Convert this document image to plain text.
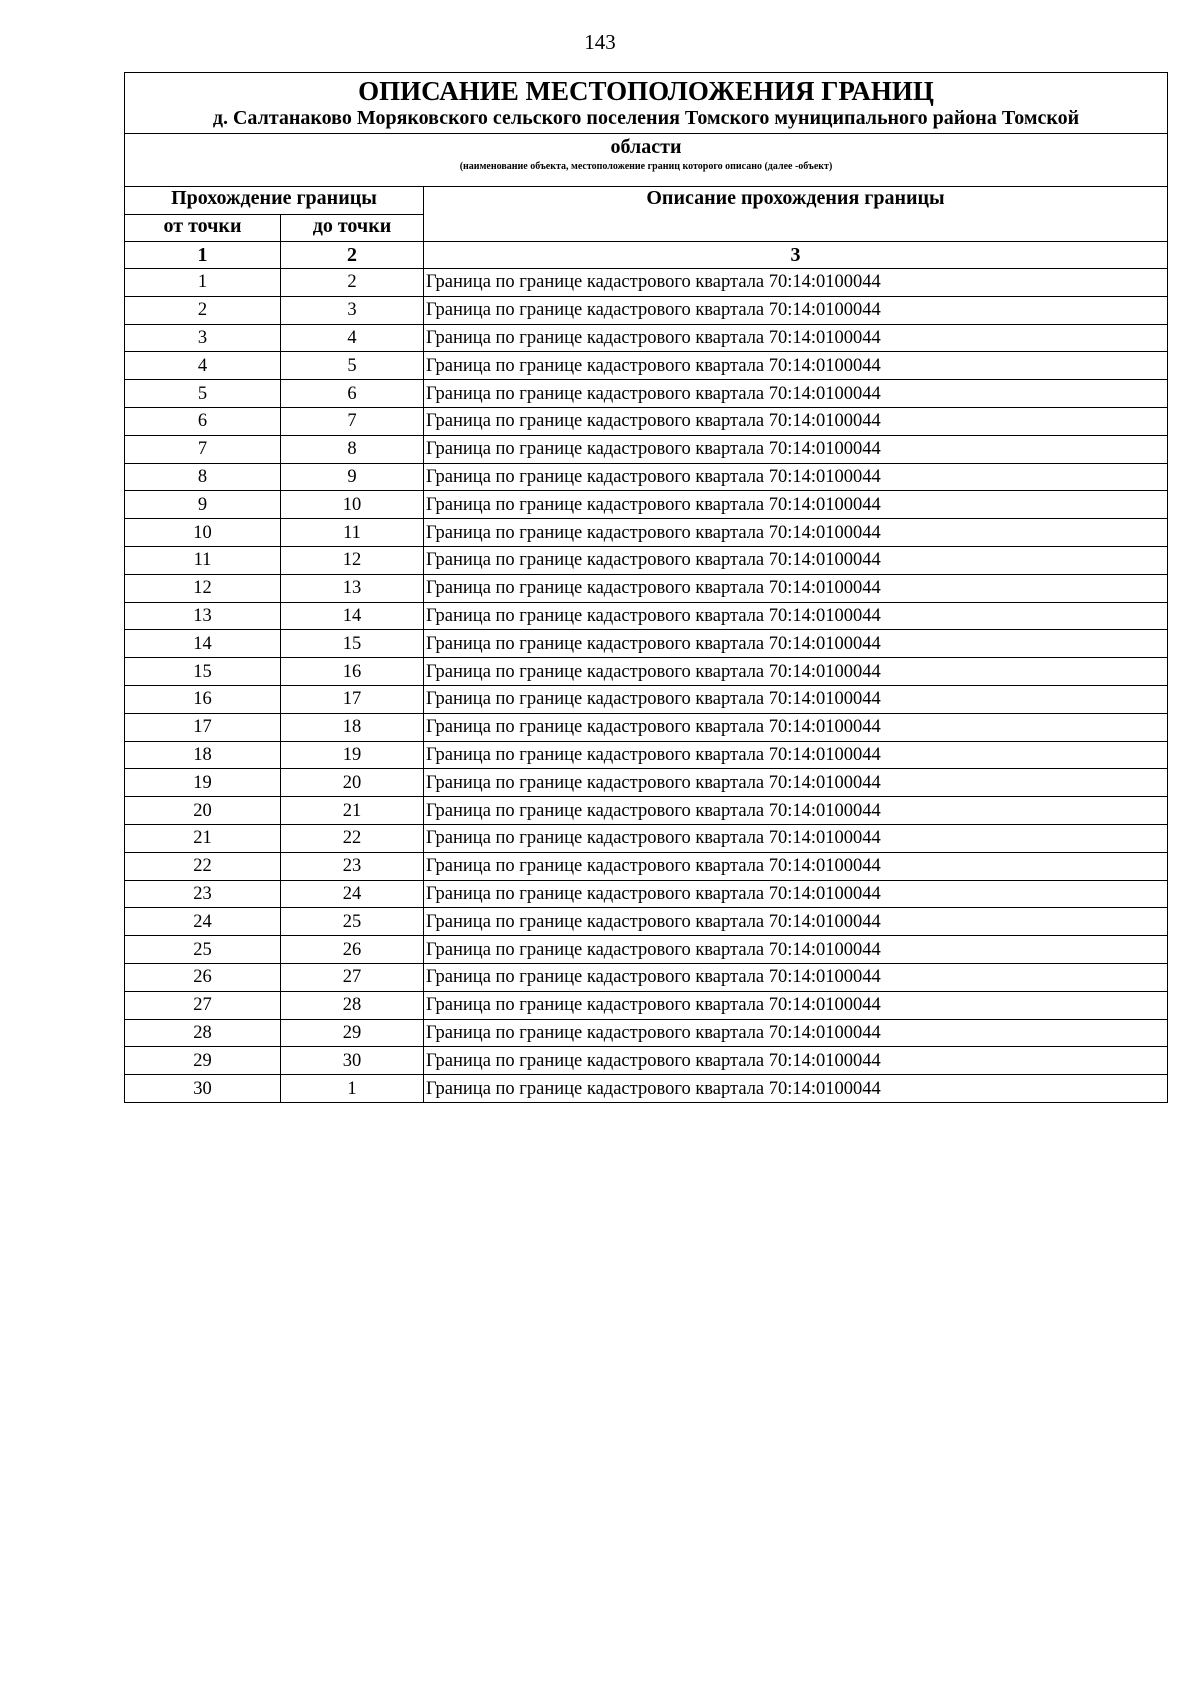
143
ОПИСАНИЕ МЕСТОПОЛОЖЕНИЯ ГРАНИЦ
д. Салтанаково Моряковского сельского поселения Томского муниципального района Томской		

области
(наименование объекта, местоположение границ которого описано (далее -объект)		

Прохождение границы		Описание прохождения границы
от точки	до точки	
1	2	3
1	2	Граница по границе кадастрового квартала 70:14:0100044
2	3	Граница по границе кадастрового квартала 70:14:0100044
3	4	Граница по границе кадастрового квартала 70:14:0100044
4	5	Граница по границе кадастрового квартала 70:14:0100044
5	6	Граница по границе кадастрового квартала 70:14:0100044
6	7	Граница по границе кадастрового квартала 70:14:0100044
7	8	Граница по границе кадастрового квартала 70:14:0100044
8	9	Граница по границе кадастрового квартала 70:14:0100044
9	10	Граница по границе кадастрового квартала 70:14:0100044
10	11	Граница по границе кадастрового квартала 70:14:0100044
11	12	Граница по границе кадастрового квартала 70:14:0100044
12	13	Граница по границе кадастрового квартала 70:14:0100044
13	14	Граница по границе кадастрового квартала 70:14:0100044
14	15	Граница по границе кадастрового квартала 70:14:0100044
15	16	Граница по границе кадастрового квартала 70:14:0100044
16	17	Граница по границе кадастрового квартала 70:14:0100044
17	18	Граница по границе кадастрового квартала 70:14:0100044
18	19	Граница по границе кадастрового квартала 70:14:0100044
19	20	Граница по границе кадастрового квартала 70:14:0100044
20	21	Граница по границе кадастрового квартала 70:14:0100044
21	22	Граница по границе кадастрового квартала 70:14:0100044
22	23	Граница по границе кадастрового квартала 70:14:0100044
23	24	Граница по границе кадастрового квартала 70:14:0100044
24	25	Граница по границе кадастрового квартала 70:14:0100044
25	26	Граница по границе кадастрового квартала 70:14:0100044
26	27	Граница по границе кадастрового квартала 70:14:0100044
27	28	Граница по границе кадастрового квартала 70:14:0100044
28	29	Граница по границе кадастрового квартала 70:14:0100044
29	30	Граница по границе кадастрового квартала 70:14:0100044
30	1	Граница по границе кадастрового квартала 70:14:0100044
